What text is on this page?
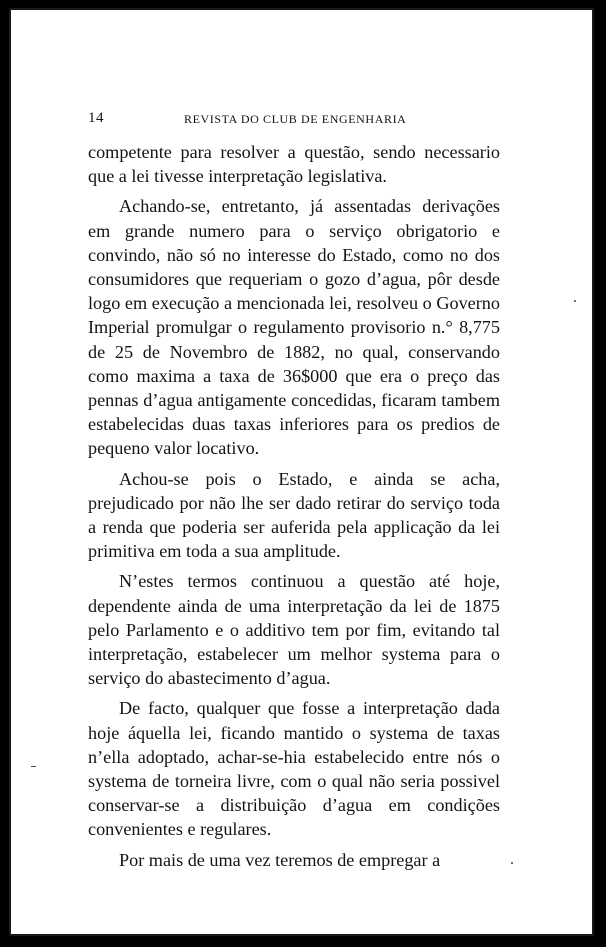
14	REVISTA DO CLUB DE ENGENHARIA

competente para resolver a questão, sendo necessario que a lei tivesse interpretação legislativa.

Achando-se, entretanto, já assentadas derivações em grande numero para o serviço obrigatorio e convindo, não só no interesse do Estado, como no dos consumidores que requeriam o gozo d’agua, pôr desde logo em execução a mencionada lei, resolveu o Governo Imperial promulgar o regulamento provisorio n.° 8,775 de 25 de Novembro de 1882, no qual, conservando como maxima a taxa de 36$000 que era o preço das pennas d’agua antigamente concedidas, ficaram tambem estabelecidas duas taxas inferiores para os predios de pequeno valor locativo.

Achou-se pois o Estado, e ainda se acha, prejudicado por não lhe ser dado retirar do serviço toda a renda que poderia ser auferida pela applicação da lei primitiva em toda a sua amplitude.

N’estes termos continuou a questão até hoje, dependente ainda de uma interpretação da lei de 1875 pelo Parlamento e o additivo tem por fim, evitando tal interpretação, estabelecer um melhor systema para o serviço do abastecimento d’agua.

De facto, qualquer que fosse a interpretação dada hoje áquella lei, ficando mantido o systema de taxas n’ella adoptado, achar-se-hia estabelecido entre nós o systema de torneira livre, com o qual não seria possivel conservar-se a distribuição d’agua em condições convenientes e regulares.

Por mais de uma vez teremos de empregar a
